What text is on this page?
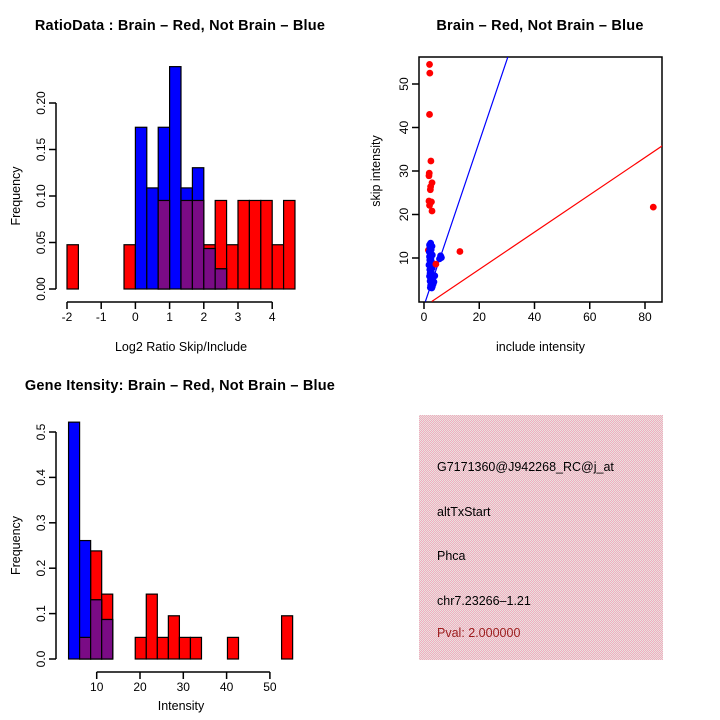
RatioData : Brain – Red, Not Brain – Blue
-2 -1 0 1 2 3 4
Log2 Ratio Skip/Include
0.00
0.05
0.10
0.15
0.20
Frequency
Brain – Red, Not Brain – Blue
0	20	40	60	80
include intensity
10
20
30
40
50
skip intensity
Gene Itensity: Brain – Red, Not Brain – Blue
10 20 30 40 50
Intensity
0.0
0.1
0.2
0.3
0.4
0.5
Frequency
G7171360@J942268_RC@j_at
altTxStart
Phca
chr7.23266–1.21
Pval: 2.000000
